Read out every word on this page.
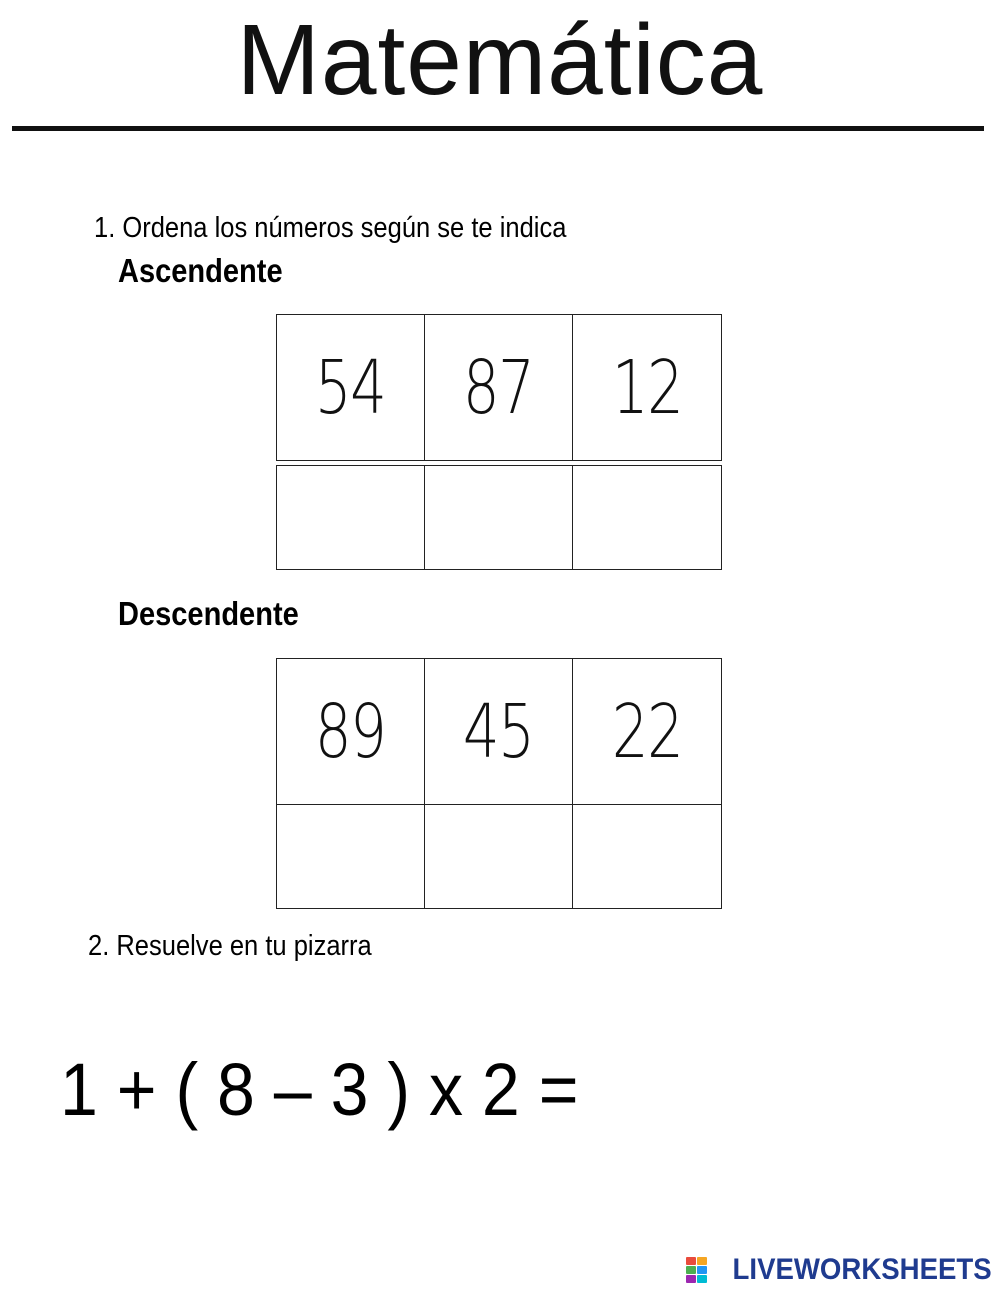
Matemática
1. Ordena los números según se te indica
Ascendente
54 87 12
Descendente
89 45 22
2. Resuelve en tu pizarra
1 + ( 8 – 3 ) x 2 =
LIVEWORKSHEETS
